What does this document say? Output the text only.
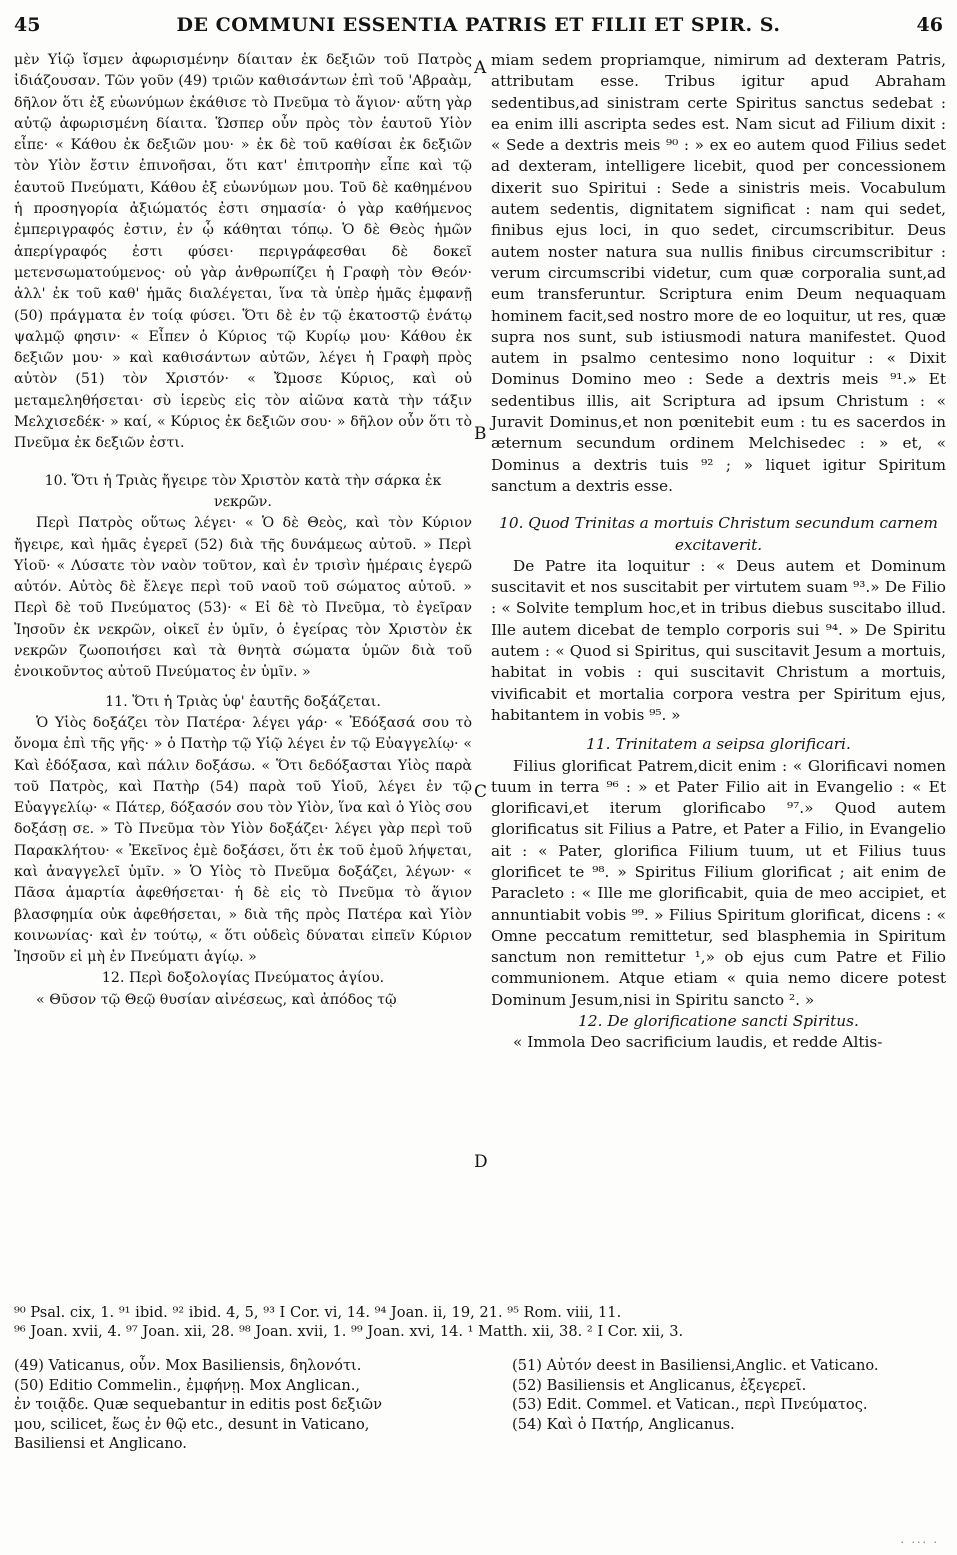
45	DE COMMUNI ESSENTIA PATRIS ET FILII ET SPIR. S.	46

μὲν Υἱῷ ἴσμεν ἀφωρισμένην δίαιταν ἐκ δεξιῶν τοῦ Πατρὸς ἰδιάζουσαν. Τῶν γοῦν (49) τριῶν καθισάντων ἐπὶ τοῦ 'Αβραὰμ, δῆλον ὅτι ἐξ εὐωνύμων ἐκάθισε τὸ Πνεῦμα τὸ ἅγιον· αὕτη γὰρ αὐτῷ ἀφωρισμένη δίαιτα. Ὥσπερ οὖν πρὸς τὸν ἑαυτοῦ Υἱὸν εἶπε· « Κάθου ἐκ δεξιῶν μου· » ἐκ δὲ τοῦ καθίσαι ἐκ δεξιῶν τὸν Υἱὸν ἔστιν ἐπινοῆσαι, ὅτι κατ' ἐπιτροπὴν εἶπε καὶ τῷ ἑαυτοῦ Πνεύματι, Κάθου ἐξ εὐωνύμων μου. Τοῦ δὲ καθημένου ἡ προσηγορία ἀξιώματός ἐστι σημασία· ὁ γὰρ καθήμενος ἐμπεριγραφός ἐστιν, ἐν ᾧ κάθηται τόπῳ. Ὁ δὲ Θεὸς ἡμῶν ἀπερίγραφός ἐστι φύσει· περιγράφεσθαι δὲ δοκεῖ μετενσωματούμενος· οὐ γὰρ ἀνθρωπίζει ἡ Γραφὴ τὸν Θεόν· ἀλλ' ἐκ τοῦ καθ' ἡμᾶς διαλέγεται, ἵνα τὰ ὑπὲρ ἡμᾶς ἐμφανῇ (50) πράγματα ἐν τοίᾳ φύσει. Ὅτι δὲ ἐν τῷ ἑκατοστῷ ἐνάτῳ ψαλμῷ φησιν· « Εἶπεν ὁ Κύριος τῷ Κυρίῳ μου· Κάθου ἐκ δεξιῶν μου· » καὶ καθισάντων αὐτῶν, λέγει ἡ Γραφὴ πρὸς αὐτὸν (51) τὸν Χριστόν· « Ὤμοσε Κύριος, καὶ οὐ μεταμεληθήσεται· σὺ ἱερεὺς εἰς τὸν αἰῶνα κατὰ τὴν τάξιν Μελχισεδέκ· » καί, « Κύριος ἐκ δεξιῶν σου· » δῆλον οὖν ὅτι τὸ Πνεῦμα ἐκ δεξιῶν ἐστι.

10. Ὅτι ἡ Τριὰς ἤγειρε τὸν Χριστὸν κατὰ τὴν σάρκα ἐκ νεκρῶν.

Περὶ Πατρὸς οὕτως λέγει· « Ὁ δὲ Θεὸς, καὶ τὸν Κύριον ἤγειρε, καὶ ἡμᾶς ἐγερεῖ (52) διὰ τῆς δυνάμεως αὐτοῦ. » Περὶ Υἱοῦ· « Λύσατε τὸν ναὸν τοῦτον, καὶ ἐν τρισὶν ἡμέραις ἐγερῶ αὐτόν. Αὐτὸς δὲ ἔλεγε περὶ τοῦ ναοῦ τοῦ σώματος αὐτοῦ. » Περὶ δὲ τοῦ Πνεύματος (53)· « Εἰ δὲ τὸ Πνεῦμα, τὸ ἐγεῖραν Ἰησοῦν ἐκ νεκρῶν, οἰκεῖ ἐν ὑμῖν, ὁ ἐγείρας τὸν Χριστὸν ἐκ νεκρῶν ζωοποιήσει καὶ τὰ θνητὰ σώματα ὑμῶν διὰ τοῦ ἐνοικοῦντος αὐτοῦ Πνεύματος ἐν ὑμῖν. »

11. Ὅτι ἡ Τριὰς ὑφ' ἑαυτῆς δοξάζεται.

Ὁ Υἱὸς δοξάζει τὸν Πατέρα· λέγει γάρ· « Ἐδόξασά σου τὸ ὄνομα ἐπὶ τῆς γῆς· » ὁ Πατὴρ τῷ Υἱῷ λέγει ἐν τῷ Εὐαγγελίῳ· « Καὶ ἐδόξασα, καὶ πάλιν δοξάσω. « Ὅτι δεδόξασται Υἱὸς παρὰ τοῦ Πατρὸς, καὶ Πατὴρ (54) παρὰ τοῦ Υἱοῦ, λέγει ἐν τῷ Εὐαγγελίῳ· « Πάτερ, δόξασόν σου τὸν Υἱὸν, ἵνα καὶ ὁ Υἱὸς σου δοξάσῃ σε. » Τὸ Πνεῦμα τὸν Υἱὸν δοξάζει· λέγει γὰρ περὶ τοῦ Παρακλήτου· « Ἐκεῖνος ἐμὲ δοξάσει, ὅτι ἐκ τοῦ ἐμοῦ λήψεται, καὶ ἀναγγελεῖ ὑμῖν. » Ὁ Υἱὸς τὸ Πνεῦμα δοξάζει, λέγων· « Πᾶσα ἁμαρτία ἀφεθήσεται· ἡ δὲ εἰς τὸ Πνεῦμα τὸ ἅγιον βλασφημία οὐκ ἀφεθήσεται, » διὰ τῆς πρὸς Πατέρα καὶ Υἱὸν κοινωνίας· καὶ ἐν τούτῳ, « ὅτι οὐδεὶς δύναται εἰπεῖν Κύριον Ἰησοῦν εἰ μὴ ἐν Πνεύματι ἁγίῳ. »

12. Περὶ δοξολογίας Πνεύματος ἁγίου.

« Θῦσον τῷ Θεῷ θυσίαν αἰνέσεως, καὶ ἀπόδος τῷ

A
B
C
D

miam sedem propriamque, nimirum ad dexteram Patris, attributam esse. Tribus igitur apud Abraham sedentibus,ad sinistram certe Spiritus sanctus sedebat : ea enim illi ascripta sedes est. Nam sicut ad Filium dixit : « Sede a dextris meis ⁹⁰ : » ex eo autem quod Filius sedet ad dexteram, intelligere licebit, quod per concessionem dixerit suo Spiritui : Sede a sinistris meis. Vocabulum autem sedentis, dignitatem significat : nam qui sedet, finibus ejus loci, in quo sedet, circumscribitur. Deus autem noster natura sua nullis finibus circumscribitur : verum circumscribi videtur, cum quæ corporalia sunt,ad eum transferuntur. Scriptura enim Deum nequaquam hominem facit,sed nostro more de eo loquitur, ut res, quæ supra nos sunt, sub istiusmodi natura manifestet. Quod autem in psalmo centesimo nono loquitur : « Dixit Dominus Domino meo : Sede a dextris meis ⁹¹.» Et sedentibus illis, ait Scriptura ad ipsum Christum : « Juravit Dominus,et non pœnitebit eum : tu es sacerdos in æternum secundum ordinem Melchisedec : » et, « Dominus a dextris tuis ⁹² ; » liquet igitur Spiritum sanctum a dextris esse.

10. Quod Trinitas a mortuis Christum secundum carnem excitaverit.

De Patre ita loquitur : « Deus autem et Dominum suscitavit et nos suscitabit per virtutem suam ⁹³.» De Filio : « Solvite templum hoc,et in tribus diebus suscitabo illud. Ille autem dicebat de templo corporis sui ⁹⁴. » De Spiritu autem : « Quod si Spiritus, qui suscitavit Jesum a mortuis, habitat in vobis : qui suscitavit Christum a mortuis, vivificabit et mortalia corpora vestra per Spiritum ejus, habitantem in vobis ⁹⁵. »

11. Trinitatem a seipsa glorificari.

Filius glorificat Patrem,dicit enim : « Glorificavi nomen tuum in terra ⁹⁶ : » et Pater Filio ait in Evangelio : « Et glorificavi,et iterum glorificabo ⁹⁷.» Quod autem glorificatus sit Filius a Patre, et Pater a Filio, in Evangelio ait : « Pater, glorifica Filium tuum, ut et Filius tuus glorificet te ⁹⁸. » Spiritus Filium glorificat ; ait enim de Paracleto : « Ille me glorificabit, quia de meo accipiet, et annuntiabit vobis ⁹⁹. » Filius Spiritum glorificat, dicens : « Omne peccatum remittetur, sed blasphemia in Spiritum sanctum non remittetur ¹,» ob ejus cum Patre et Filio communionem. Atque etiam « quia nemo dicere potest Dominum Jesum,nisi in Spiritu sancto ². »

12. De glorificatione sancti Spiritus.

« Immola Deo sacrificium laudis, et redde Altis-

⁹⁰ Psal. cix, 1. ⁹¹ ibid. ⁹² ibid. 4, 5, ⁹³ I Cor. vi, 14. ⁹⁴ Joan. ii, 19, 21. ⁹⁵ Rom. viii, 11.

⁹⁶ Joan. xvii, 4. ⁹⁷ Joan. xii, 28. ⁹⁸ Joan. xvii, 1. ⁹⁹ Joan. xvi, 14. ¹ Matth. xii, 38. ² I Cor. xii, 3.

(49) Vaticanus, οὖν. Mox Basiliensis, δηλονότι.

(50) Editio Commelin., ἐμφήνῃ. Mox Anglican.,

ἐν τοιᾷδε. Quæ sequebantur in editis post δεξιῶν

μου, scilicet, ἕως ἐν θῷ etc., desunt in Vaticano,

Basiliensi et Anglicano.

(51) Αὐτόν deest in Basiliensi,Anglic. et Vaticano.

(52) Basiliensis et Anglicanus, ἐξεγερεῖ.

(53) Edit. Commel. et Vatican., περὶ Πνεύματος.

(54) Καὶ ὁ Πατήρ, Anglicanus.

· ··· ·
